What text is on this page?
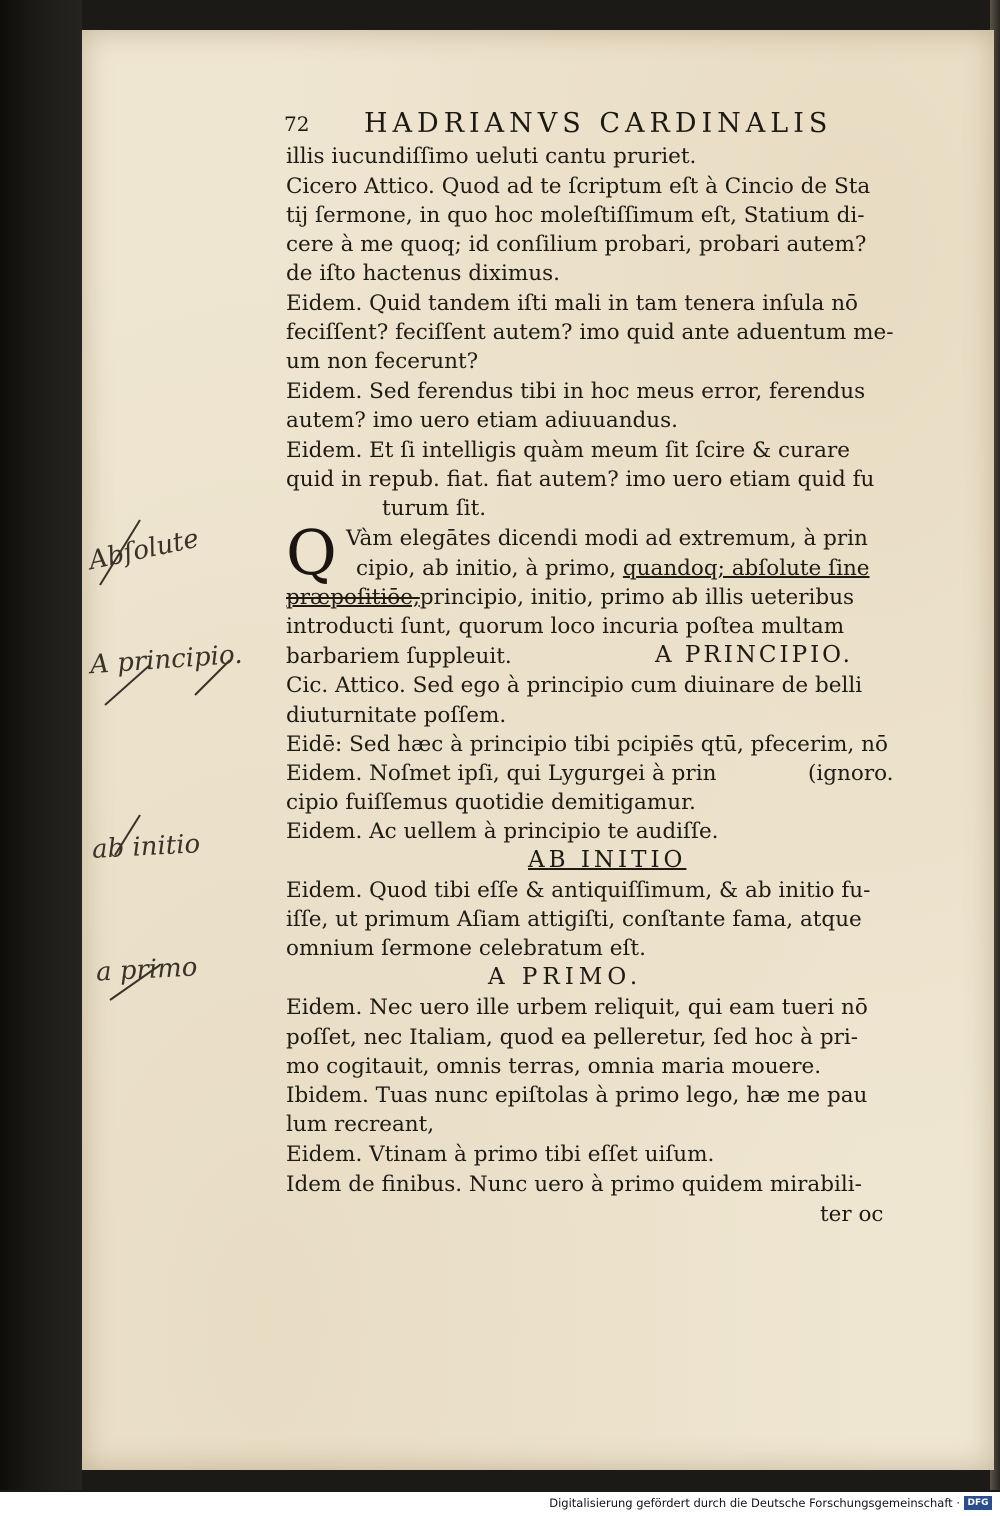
72 HADRIANVS CARDINALIS
illis iucundiſſimo ueluti cantu pruriet.
Cicero Attico. Quod ad te ſcriptum eſt à Cincio de Sta
tij ſermone, in quo hoc moleſtiſſimum eſt, Statium di-
cere à me quoq; id conſilium probari, probari autem?
de iſto hactenus diximus.
Eidem. Quid tandem iſti mali in tam tenera inſula nō
feciſſent? feciſſent autem? imo quid ante aduentum me-
um non fecerunt?
Eidem. Sed ferendus tibi in hoc meus error, ferendus
autem? imo uero etiam adiuuandus.
Eidem. Et ſi intelligis quàm meum ſit ſcire & curare
quid in repub. fiat. fiat autem? imo uero etiam quid fu
turum ſit.
Q Vàm elegātes dicendi modi ad extremum, à prin
cipio, ab initio, à primo, quandoq; abſolute ſine
præpoſitiōe,principio, initio, primo ab illis ueteribus
introducti ſunt, quorum loco incuria poſtea multam
barbariem ſuppleuit.	A PRINCIPIO.
Cic. Attico. Sed ego à principio cum diuinare de belli
diuturnitate poſſem.
Eidē: Sed hæc à principio tibi pcipiēs qtū, pfecerim, nō
Eidem. Noſmet ipſi, qui Lygurgei à prin	(ignoro.
cipio fuiſſemus quotidie demitigamur.
Eidem. Ac uellem à principio te audiſſe.
AB INITIO
Eidem. Quod tibi eſſe & antiquiſſimum, & ab initio fu-
iſſe, ut primum Aſiam attigiſti, conſtante fama, atque
omnium ſermone celebratum eſt.
A PRIMO.
Eidem. Nec uero ille urbem reliquit, qui eam tueri nō
poſſet, nec Italiam, quod ea pelleretur, ſed hoc à pri-
mo cogitauit, omnis terras, omnia maria mouere.
Ibidem. Tuas nunc epiſtolas à primo lego, hæ me pau
lum recreant,
Eidem. Vtinam à primo tibi eſſet uiſum.
Idem de finibus. Nunc uero à primo quidem mirabili-
ter oc
Abſolute
A principio.
ab initio
a primo
Digitalisierung gefördert durch die Deutsche Forschungsgemeinschaft · DFG
